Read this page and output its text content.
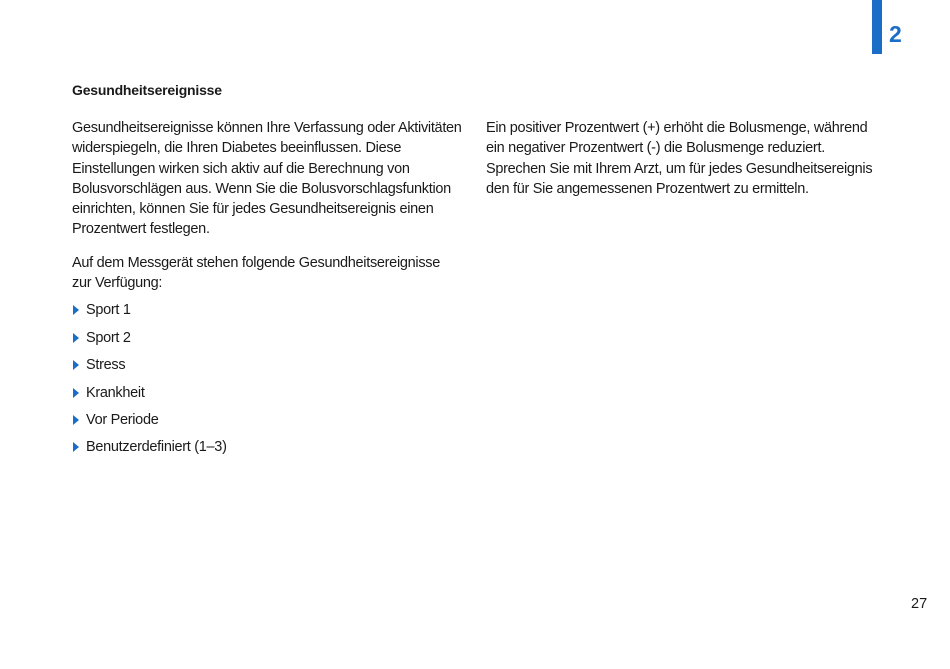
2
Gesundheitsereignisse

Gesundheitsereignisse können Ihre Verfassung oder Aktivitäten widerspiegeln, die Ihren Diabetes beeinflussen. Diese Einstellungen wirken sich aktiv auf die Berechnung von Bolusvorschlägen aus. Wenn Sie die Bolusvorschlagsfunktion einrichten, können Sie für jedes Gesundheitsereignis einen Prozentwert festlegen.

Auf dem Messgerät stehen folgende Gesundheitsereignisse zur Verfügung:

Sport 1
Sport 2
Stress
Krankheit
Vor Periode
Benutzerdefiniert (1–3)

Ein positiver Prozentwert (+) erhöht die Bolusmenge, während ein negativer Prozentwert (-) die Bolusmenge reduziert. Sprechen Sie mit Ihrem Arzt, um für jedes Gesundheitsereignis den für Sie angemessenen Prozentwert zu ermitteln.

27
